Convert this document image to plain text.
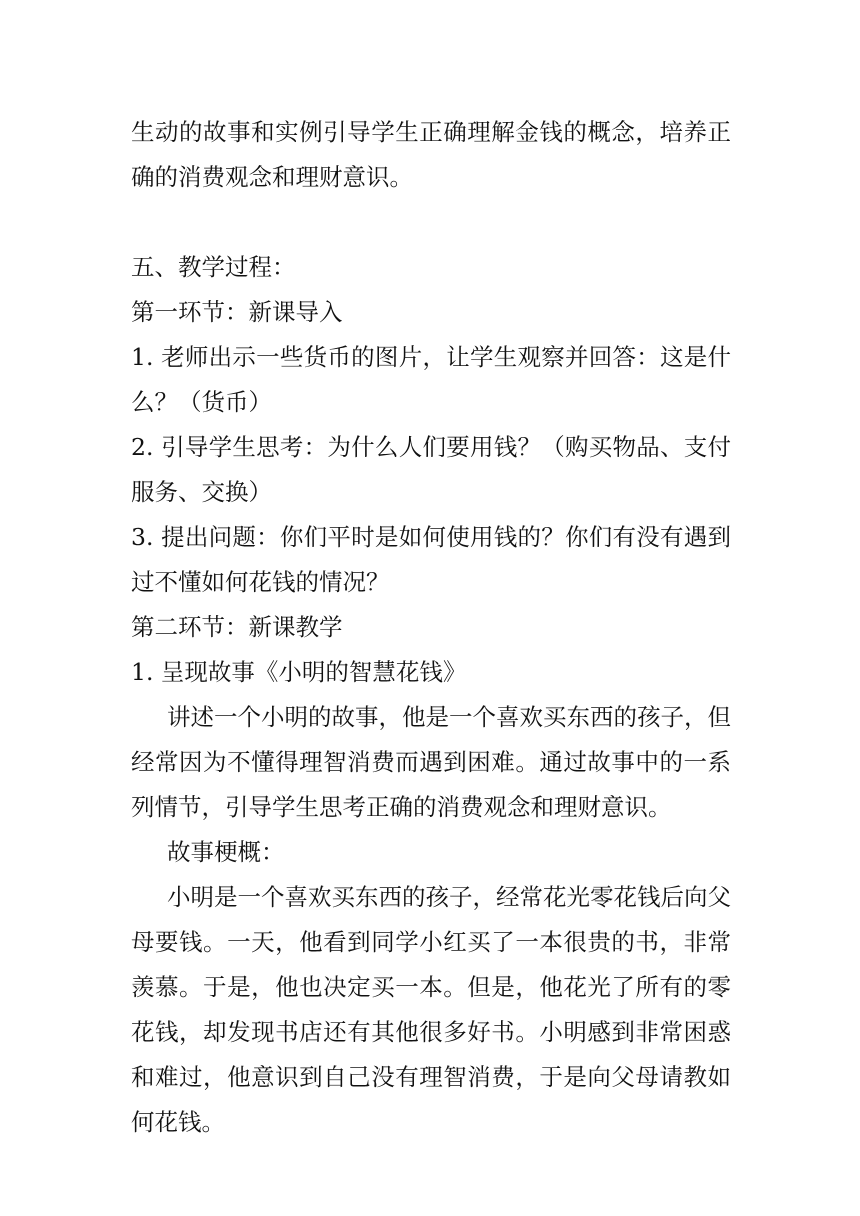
生动的故事和实例引导学生正确理解金钱的概念，培养正确的消费观念和理财意识。

五、教学过程：

第一环节：新课导入

1. 老师出示一些货币的图片，让学生观察并回答：这是什么？（货币）

2. 引导学生思考：为什么人们要用钱？（购买物品、支付服务、交换）

3. 提出问题：你们平时是如何使用钱的？你们有没有遇到过不懂如何花钱的情况？

第二环节：新课教学

1. 呈现故事《小明的智慧花钱》

讲述一个小明的故事，他是一个喜欢买东西的孩子，但经常因为不懂得理智消费而遇到困难。通过故事中的一系列情节，引导学生思考正确的消费观念和理财意识。

故事梗概：

小明是一个喜欢买东西的孩子，经常花光零花钱后向父母要钱。一天，他看到同学小红买了一本很贵的书，非常羡慕。于是，他也决定买一本。但是，他花光了所有的零花钱，却发现书店还有其他很多好书。小明感到非常困惑和难过，他意识到自己没有理智消费，于是向父母请教如何花钱。
